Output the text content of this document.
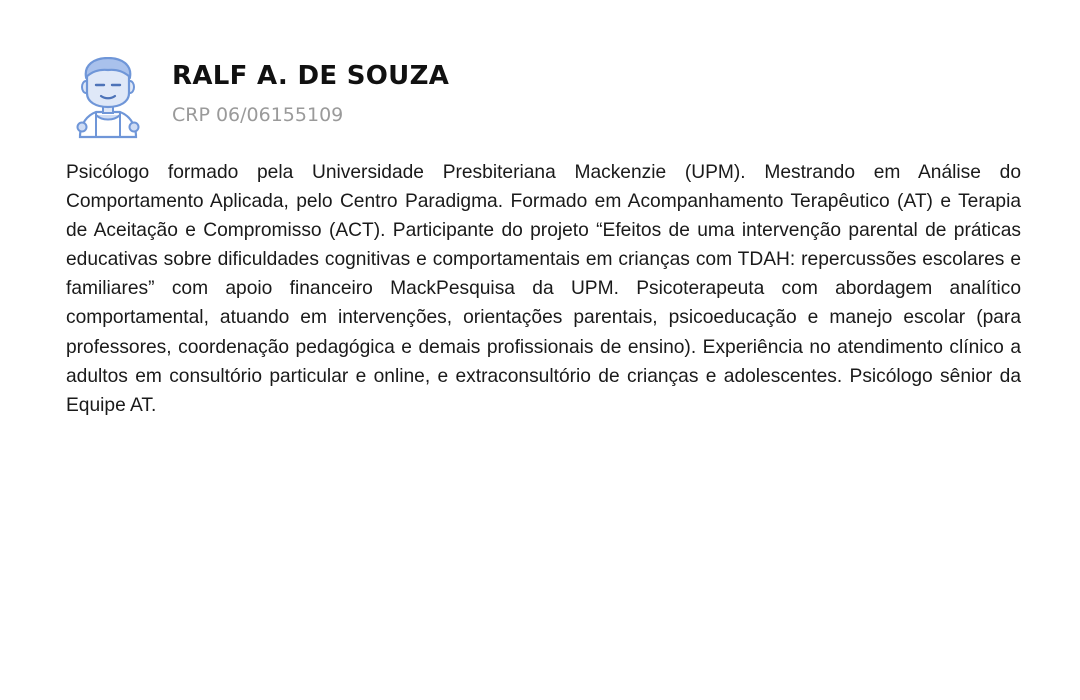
RALF A. DE SOUZA
CRP 06/06155109

Psicólogo formado pela Universidade Presbiteriana Mackenzie (UPM). Mestrando em Análise do Comportamento Aplicada, pelo Centro Paradigma. Formado em Acompanhamento Terapêutico (AT) e Terapia de Aceitação e Compromisso (ACT). Participante do projeto “Efeitos de uma intervenção parental de práticas educativas sobre dificuldades cognitivas e comportamentais em crianças com TDAH: repercussões escolares e familiares” com apoio financeiro MackPesquisa da UPM. Psicoterapeuta com abordagem analítico comportamental, atuando em intervenções, orientações parentais, psicoeducação e manejo escolar (para professores, coordenação pedagógica e demais profissionais de ensino). Experiência no atendimento clínico a adultos em consultório particular e online, e extraconsultório de crianças e adolescentes. Psicólogo sênior da Equipe AT.
